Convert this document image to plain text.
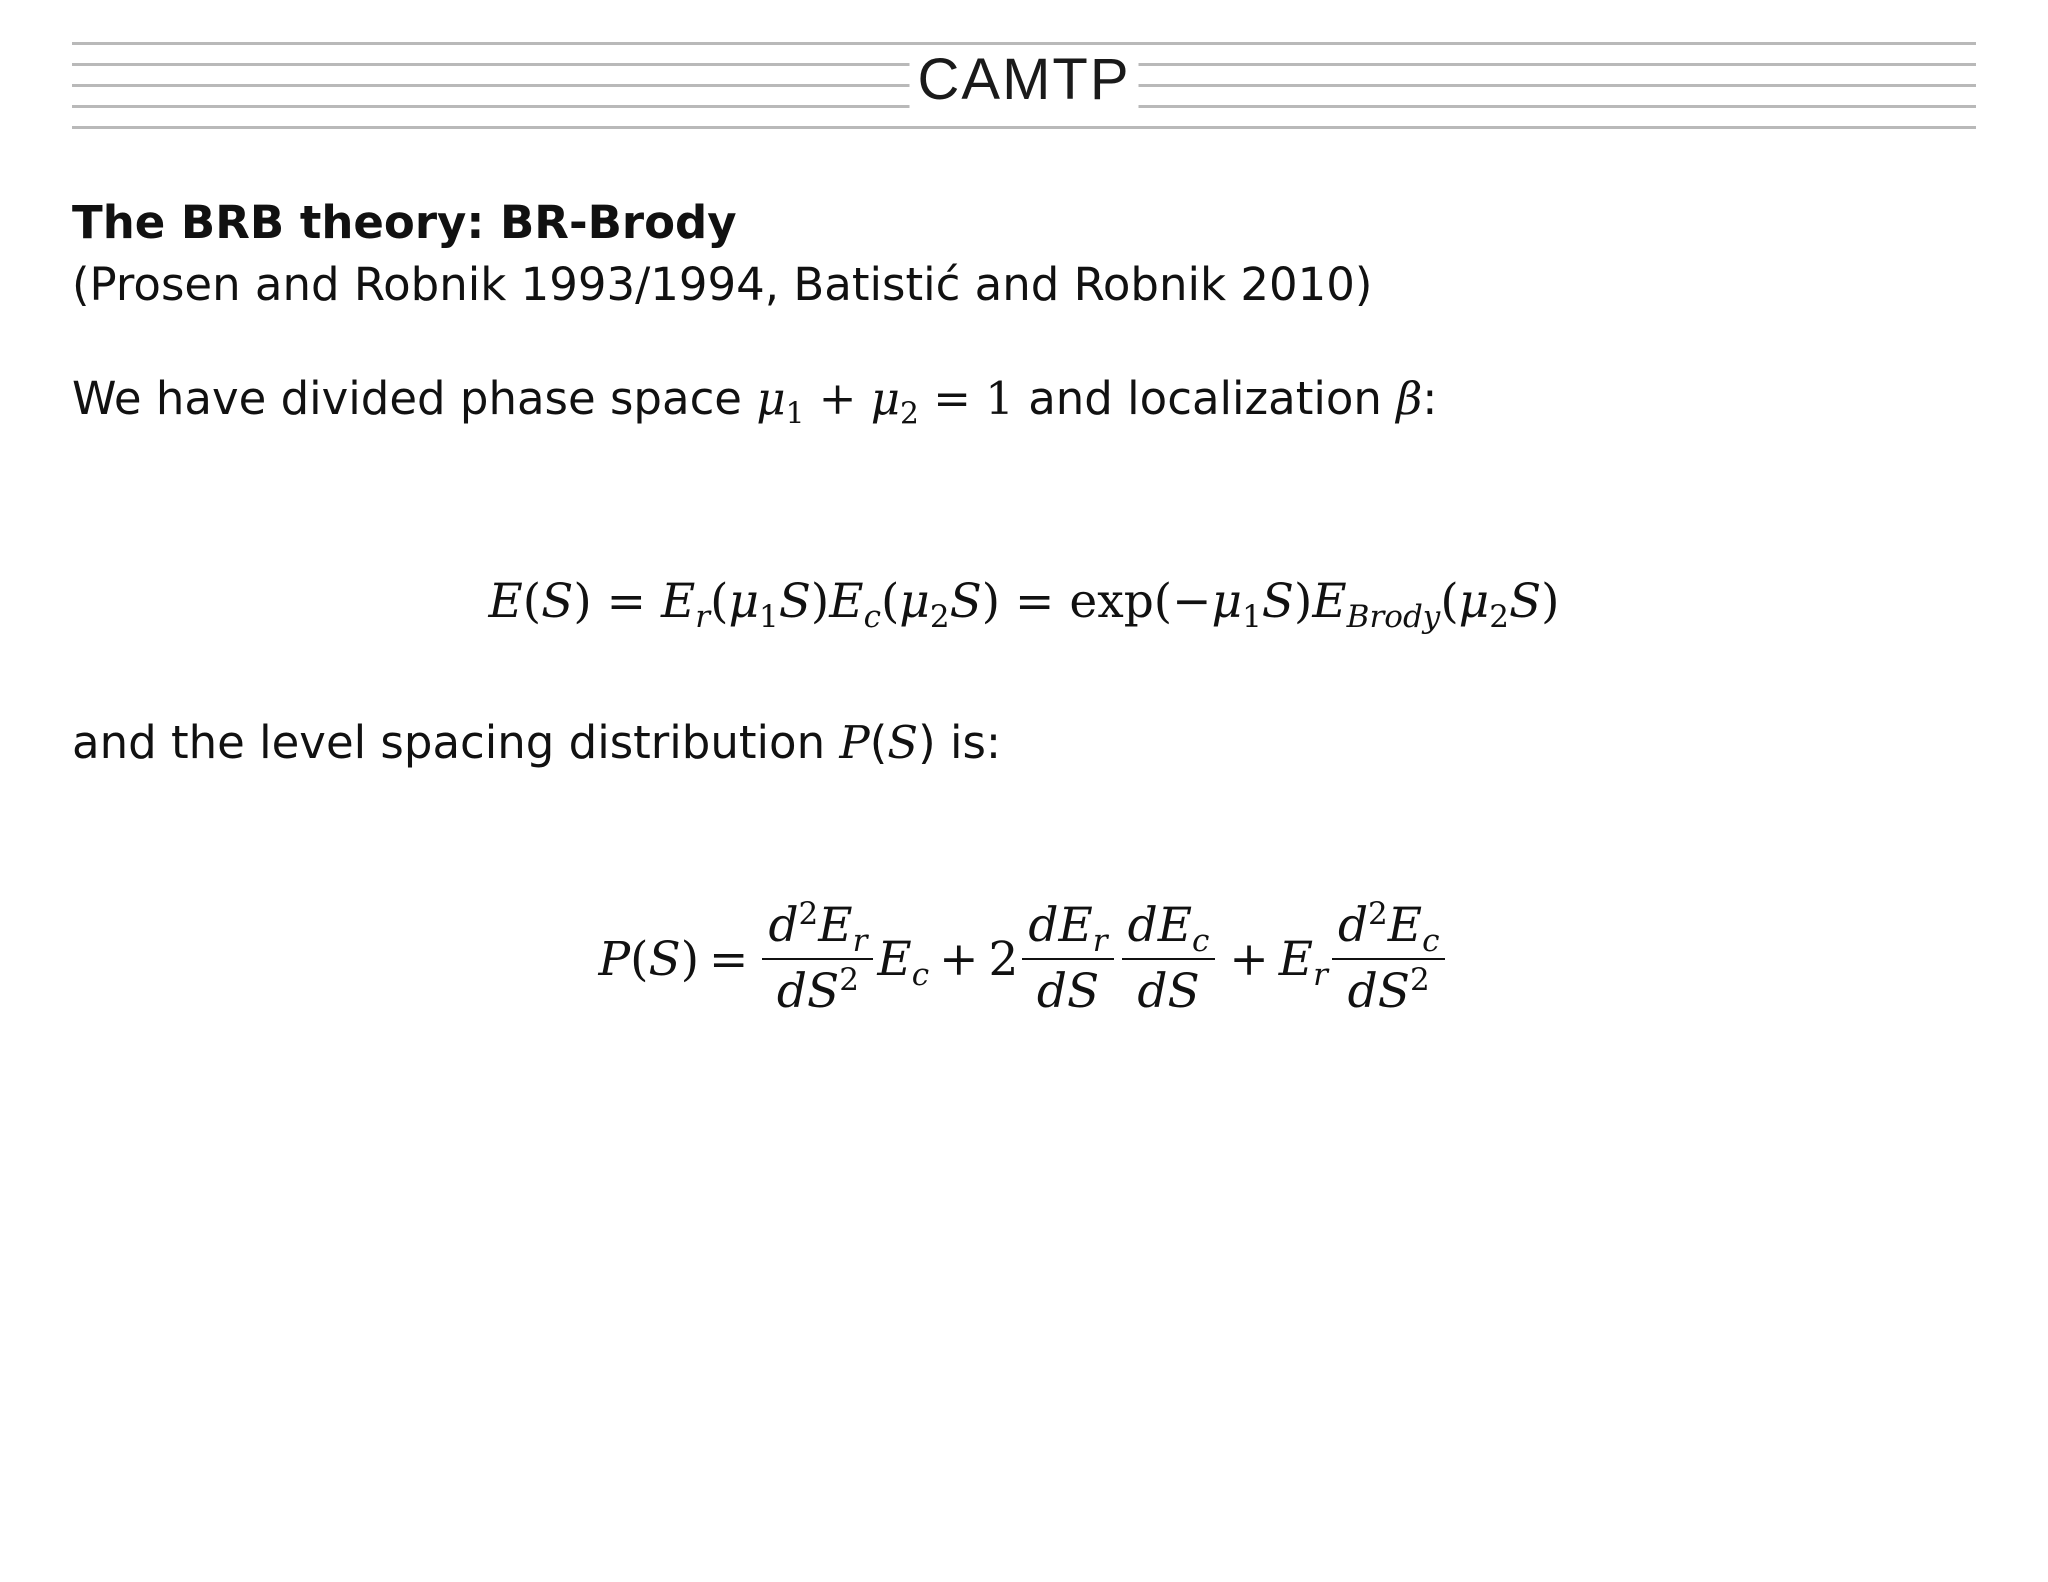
CAMTP
The BRB theory: BR-Brody

(Prosen and Robnik 1993/1994, Batistić and Robnik 2010)

We have divided phase space $\mu_1 + \mu_2 = 1$ and localization β:

$E(S) = E_r(\mu_1S)E_c(\mu_2S) = \exp(-\mu_1S)E_{Brody}(\mu_2S)$

and the level spacing distribution P(S) is:

$P(S) = \frac{d^2E_r}{dS^2} E_c + 2 \frac{dE_r}{dS} \frac{dE_c}{dS} + E_r \frac{d^2E_c}{dS^2}$
